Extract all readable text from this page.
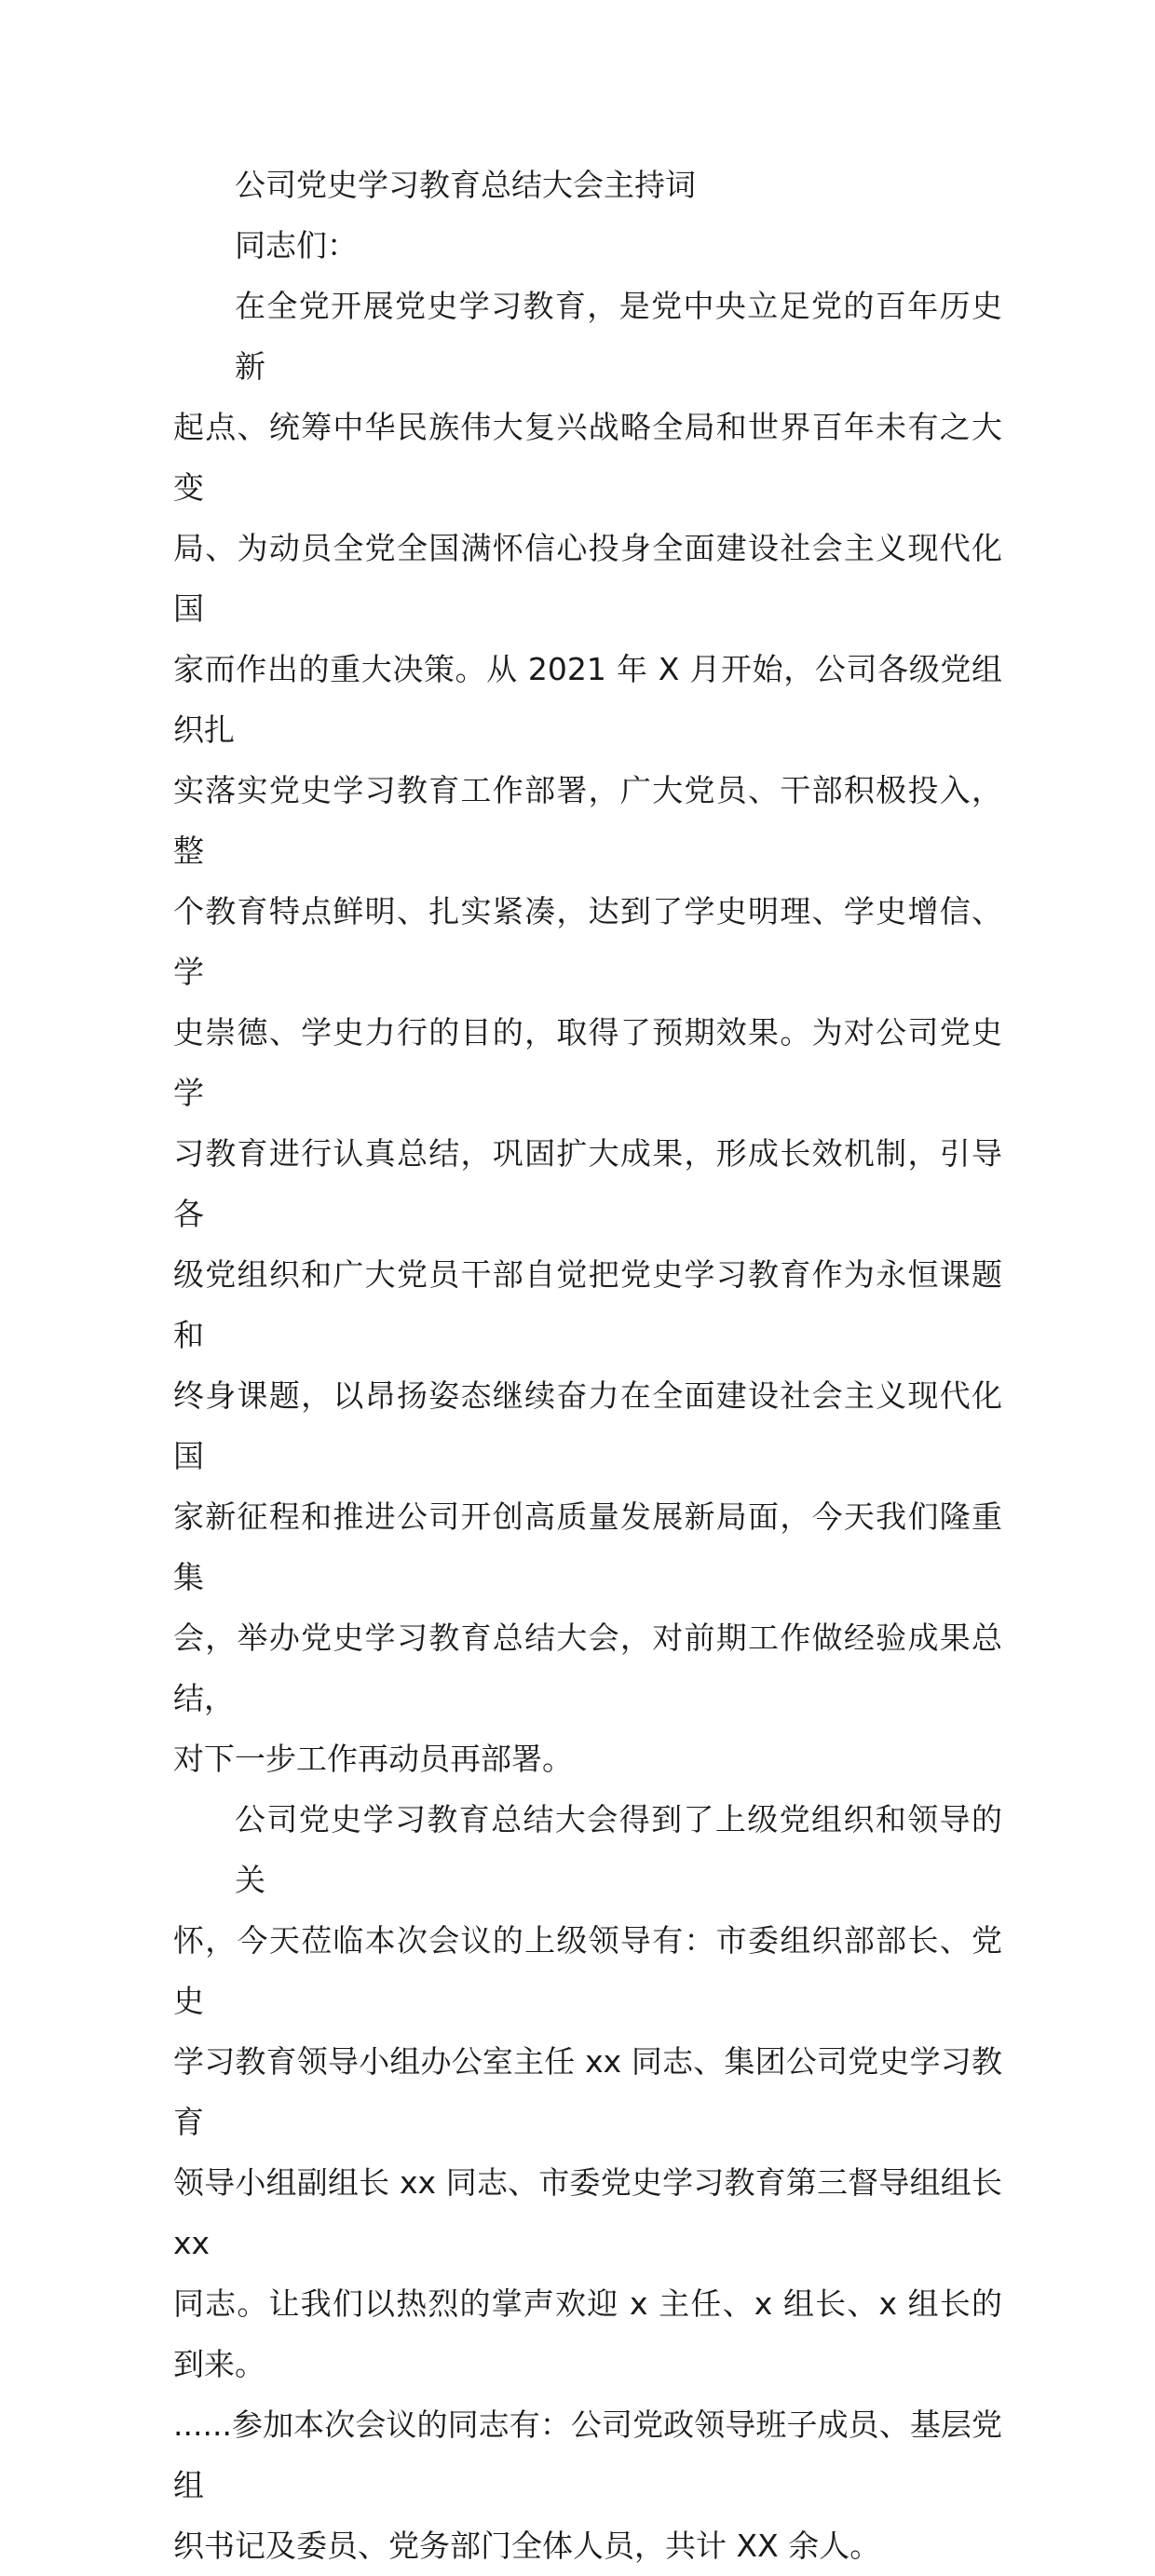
公司党史学习教育总结大会主持词

同志们：

在全党开展党史学习教育，是党中央立足党的百年历史新
起点、统筹中华民族伟大复兴战略全局和世界百年未有之大变
局、为动员全党全国满怀信心投身全面建设社会主义现代化国
家而作出的重大决策。从 2021 年 X 月开始，公司各级党组织扎
实落实党史学习教育工作部署，广大党员、干部积极投入，整
个教育特点鲜明、扎实紧凑，达到了学史明理、学史增信、学
史崇德、学史力行的目的，取得了预期效果。为对公司党史学
习教育进行认真总结，巩固扩大成果，形成长效机制，引导各
级党组织和广大党员干部自觉把党史学习教育作为永恒课题和
终身课题，以昂扬姿态继续奋力在全面建设社会主义现代化国
家新征程和推进公司开创高质量发展新局面，今天我们隆重集
会，举办党史学习教育总结大会，对前期工作做经验成果总结，
对下一步工作再动员再部署。

公司党史学习教育总结大会得到了上级党组织和领导的关
怀，今天莅临本次会议的上级领导有：市委组织部部长、党史
学习教育领导小组办公室主任 xx 同志、集团公司党史学习教育
领导小组副组长 xx 同志、市委党史学习教育第三督导组组长 xx
同志。让我们以热烈的掌声欢迎 x 主任、x 组长、x 组长的到来。
......参加本次会议的同志有：公司党政领导班子成员、基层党组
织书记及委员、党务部门全体人员，共计 XX 余人。
